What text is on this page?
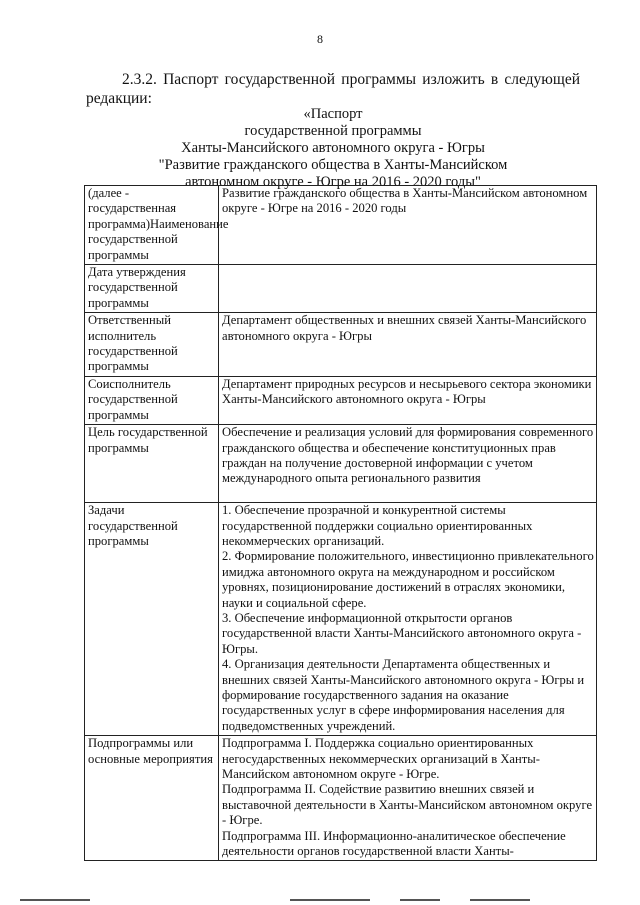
8
2.3.2. Паспорт государственной программы изложить в следующей
редакции:
«Паспорт
государственной программы
Ханты-Мансийского автономного округа - Югры
"Развитие гражданского общества в Ханты-Мансийском
автономном округе - Югре на 2016 - 2020 годы"
(далее - государственная программа)Наименование государственной программы	Развитие гражданского общества в Ханты-Мансийском автономном округе - Югре на 2016 - 2020 годы

Дата утверждения государственной программы	

Ответственный исполнитель государственной программы	Департамент общественных и внешних связей Ханты-Мансийского автономного округа - Югры

Соисполнитель государственной программы	Департамент природных ресурсов и несырьевого сектора экономики Ханты-Мансийского автономного округа - Югры

Цель государственной программы	Обеспечение и реализация условий для формирования современного гражданского общества и обеспечение конституционных прав граждан на получение достоверной информации с учетом международного опыта регионального развития

Задачи государственной программы	1. Обеспечение прозрачной и конкурентной системы государственной поддержки социально ориентированных некоммерческих организаций.
2. Формирование положительного, инвестиционно привлекательного имиджа автономного округа на международном и российском уровнях, позиционирование достижений в отраслях экономики, науки и социальной сфере.
3. Обеспечение информационной открытости органов государственной власти Ханты-Мансийского автономного округа - Югры.
4. Организация деятельности Департамента общественных и внешних связей Ханты-Мансийского автономного округа - Югры и формирование государственного задания на оказание государственных услуг в сфере информирования населения для подведомственных учреждений.

Подпрограммы или основные мероприятия	Подпрограмма I. Поддержка социально ориентированных негосударственных некоммерческих организаций в Ханты-Мансийском автономном округе - Югре.
Подпрограмма II. Содействие развитию внешних связей и выставочной деятельности в Ханты-Мансийском автономном округе - Югре.
Подпрограмма III. Информационно-аналитическое обеспечение деятельности органов государственной власти Ханты-
